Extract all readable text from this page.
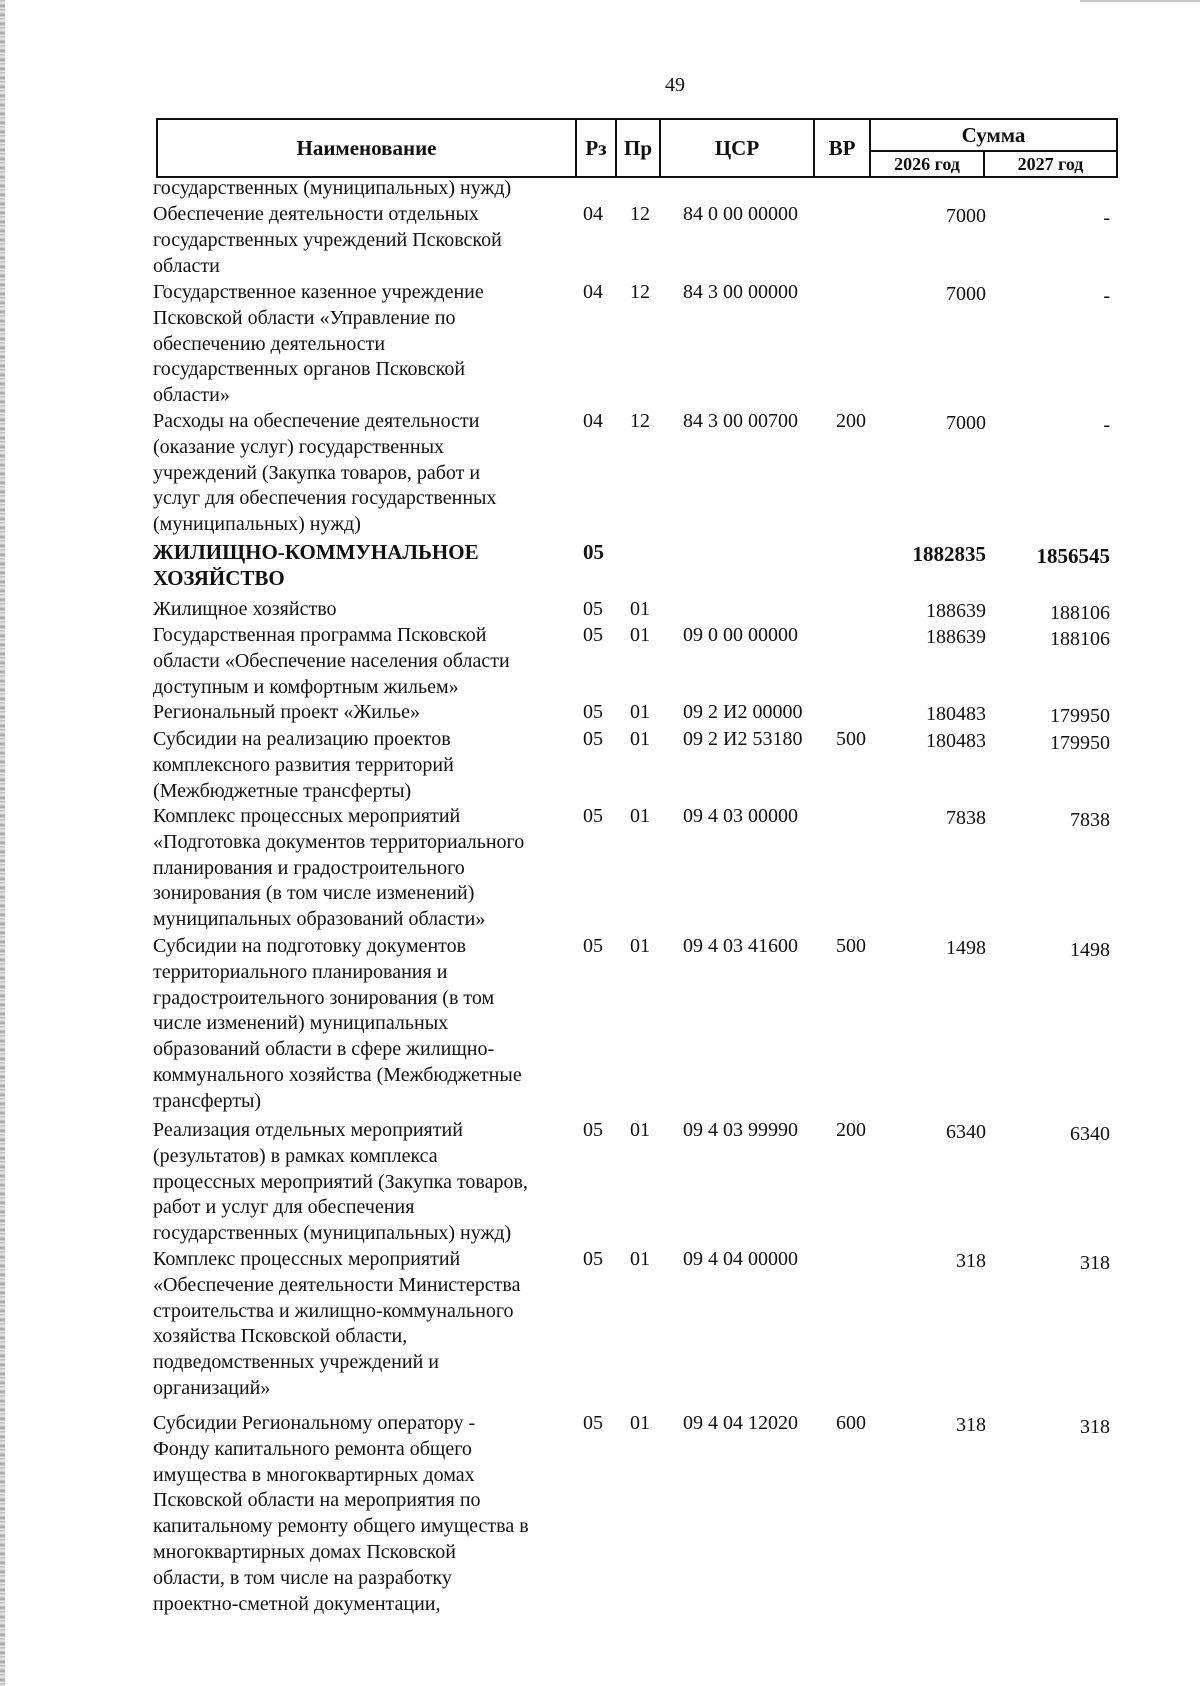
49
Наименование	Рз Пр	ЦСР	ВР
Сумма
2026 год	2027 год
государственных (муниципальных) нужд)
Обеспечение деятельности отдельных
государственных учреждений Псковской
области
04 12 84 0 00 00000	7000	-
Государственное казенное учреждение
Псковской области «Управление по
обеспечению деятельности
государственных органов Псковской
области»
04 12 84 3 00 00000	7000	-
Расходы на обеспечение деятельности
(оказание услуг) государственных
учреждений (Закупка товаров, работ и
услуг для обеспечения государственных
(муниципальных) нужд)
04 12 84 3 00 00700 200	7000	-
ЖИЛИЩНО-КОММУНАЛЬНОЕ
ХОЗЯЙСТВО
05	1882835	1856545
Жилищное хозяйство	05 01	188639	188106
Государственная программа Псковской
области «Обеспечение населения области
доступным и комфортным жильем»
05 01 09 0 00 00000	188639	188106
Региональный проект «Жилье»	05 01 09 2 И2 00000	180483	179950
Субсидии на реализацию проектов
комплексного развития территорий
(Межбюджетные трансферты)
05 01 09 2 И2 53180 500	180483	179950
Комплекс процессных мероприятий
«Подготовка документов территориального
планирования и градостроительного
зонирования (в том числе изменений)
муниципальных образований области»
05 01 09 4 03 00000	7838	7838
Субсидии на подготовку документов
территориального планирования и
градостроительного зонирования (в том
числе изменений) муниципальных
образований области в сфере жилищно-
коммунального хозяйства (Межбюджетные
трансферты)
05 01 09 4 03 41600 500	1498	1498
Реализация отдельных мероприятий
(результатов) в рамках комплекса
процессных мероприятий (Закупка товаров,
работ и услуг для обеспечения
государственных (муниципальных) нужд)
05 01 09 4 03 99990 200	6340	6340
Комплекс процессных мероприятий
«Обеспечение деятельности Министерства
строительства и жилищно-коммунального
хозяйства Псковской области,
подведомственных учреждений и
организаций»
05 01 09 4 04 00000	318	318
Субсидии Региональному оператору -
Фонду капитального ремонта общего
имущества в многоквартирных домах
Псковской области на мероприятия по
капитальному ремонту общего имущества в
многоквартирных домах Псковской
области, в том числе на разработку
проектно-сметной документации,
05 01 09 4 04 12020 600	318	318
